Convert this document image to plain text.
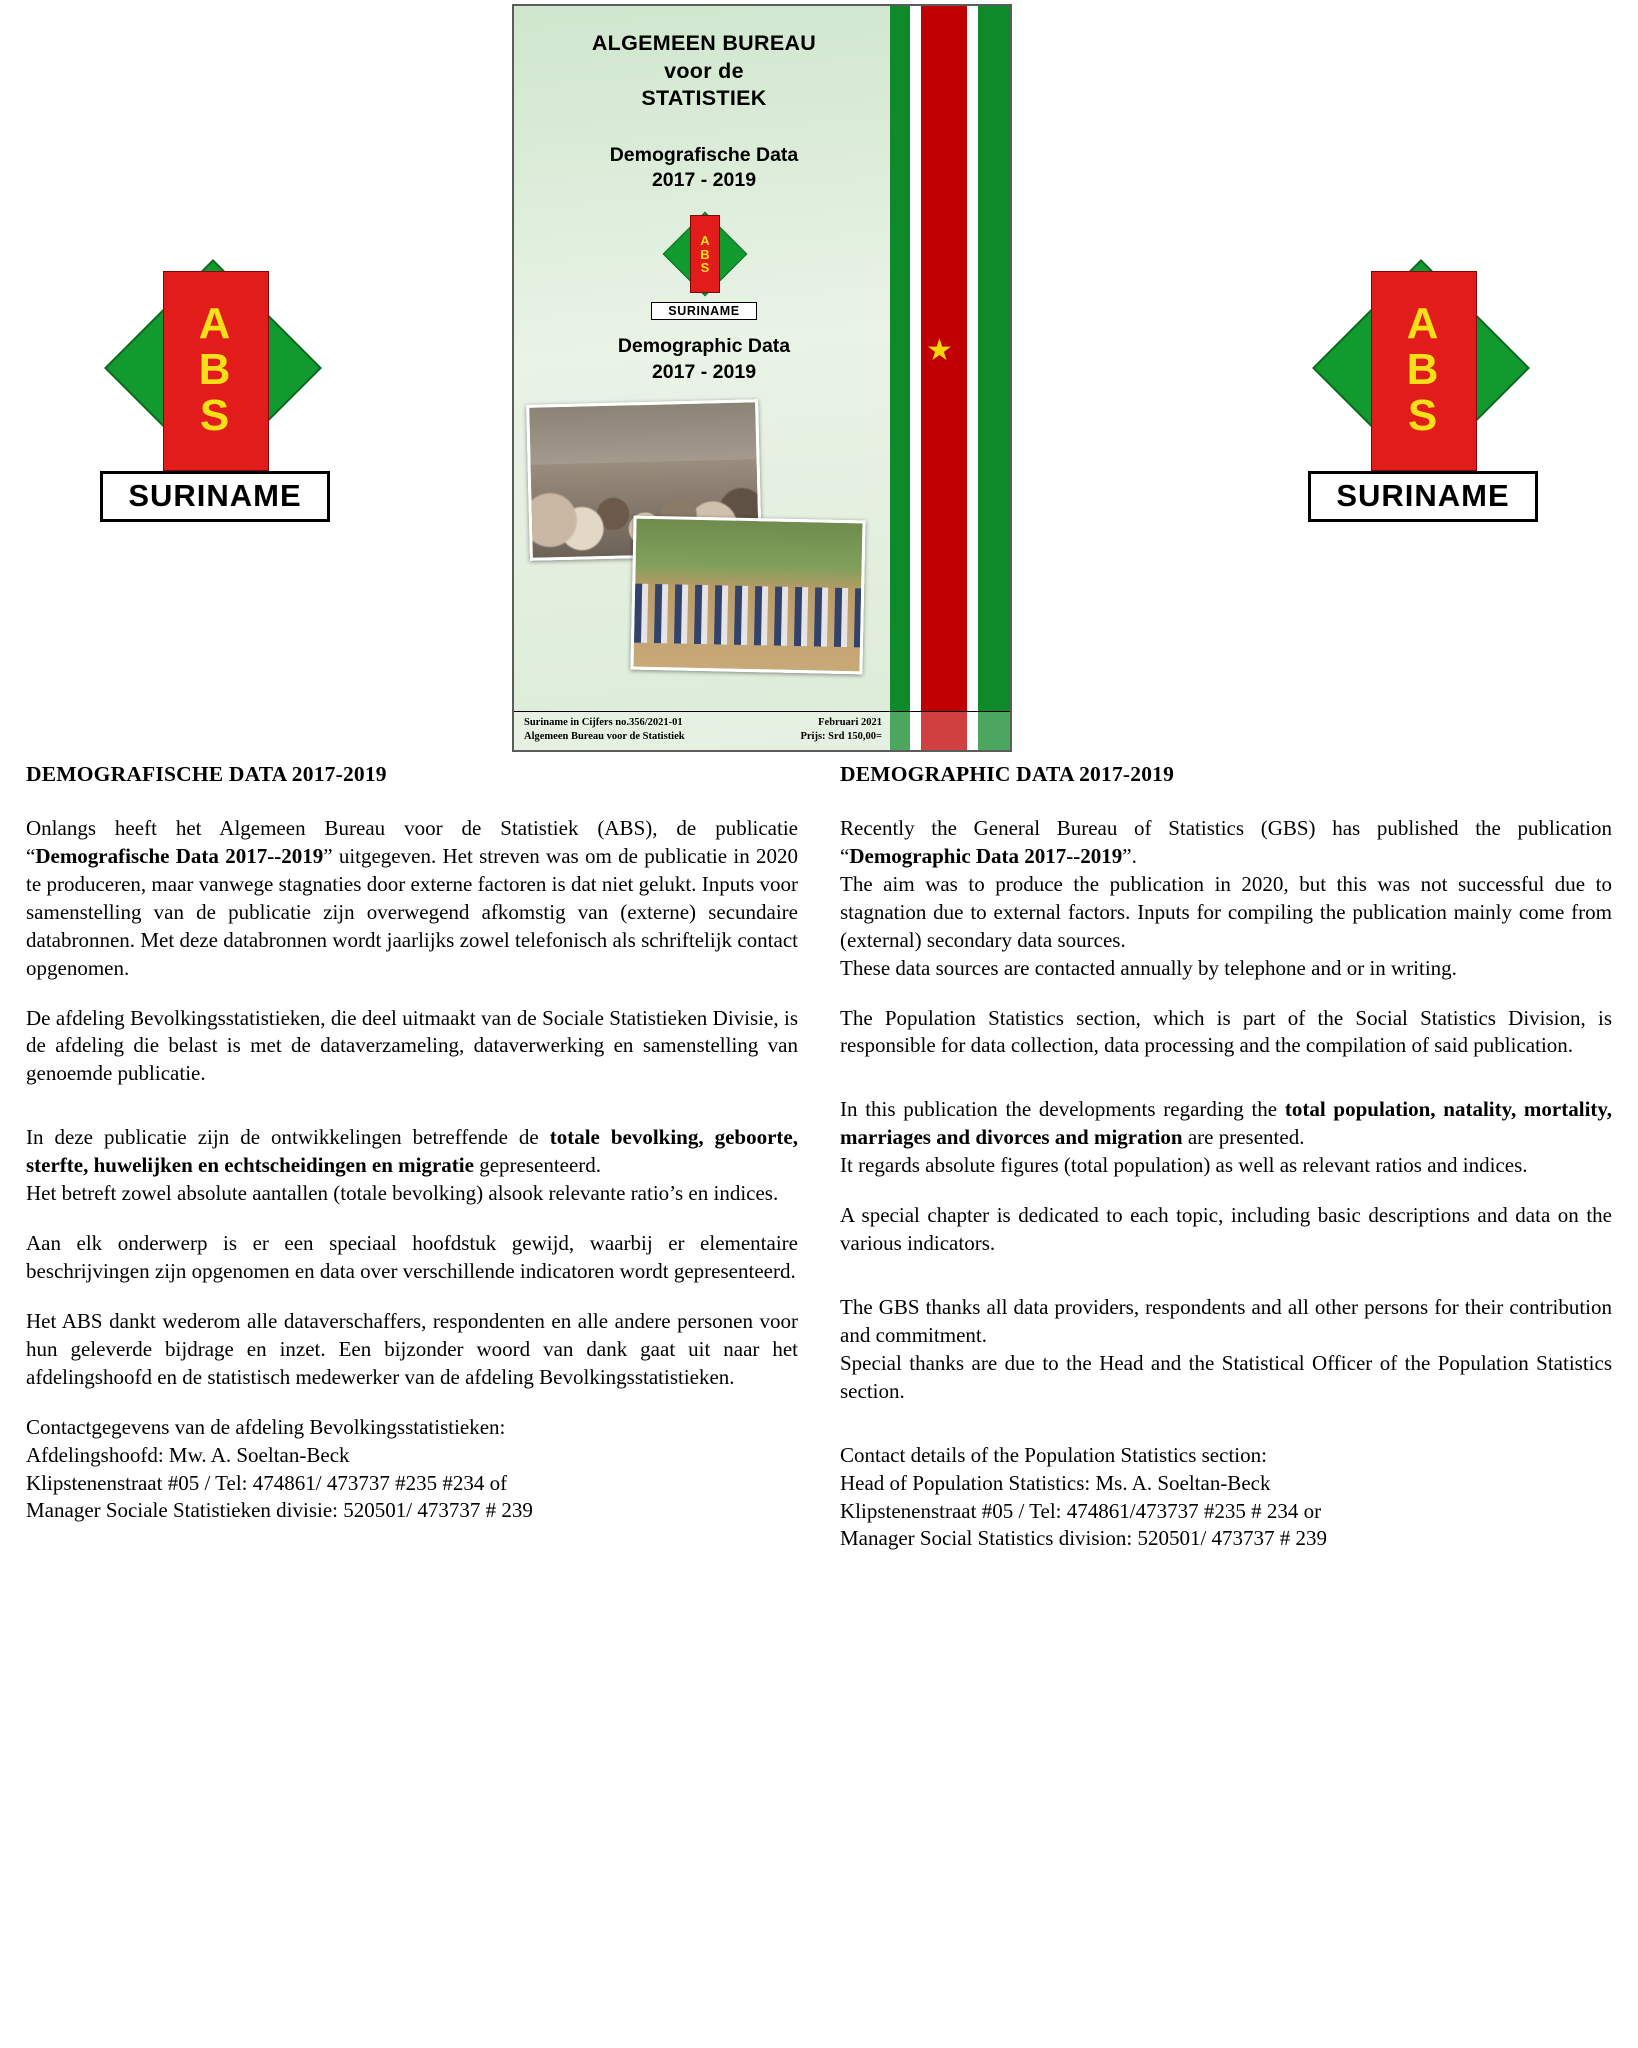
A
B
S
SURINAME
A
B
S
SURINAME
★
ALGEMEEN BUREAU
voor de
STATISTIEK
Demografische Data
2017 - 2019
A
B
S
SURINAME
Demographic Data
2017 - 2019
Suriname in Cijfers no.356/2021-01
Algemeen Bureau voor de Statistiek
Februari 2021
Prijs: Srd 150,00=
DEMOGRAFISCHE DATA 2017-2019

Onlangs heeft het Algemeen Bureau voor de Statistiek (ABS), de publicatie “Demografische Data 2017--2019” uitgegeven. Het streven was om de publicatie in 2020 te produceren, maar vanwege stagnaties door externe factoren is dat niet gelukt. Inputs voor samenstelling van de publicatie zijn overwegend afkomstig van (externe) secundaire databronnen. Met deze databronnen wordt jaarlijks zowel telefonisch als schriftelijk contact opgenomen.

De afdeling Bevolkingsstatistieken, die deel uitmaakt van de Sociale Statistieken Divisie, is de afdeling die belast is met de dataverzameling, dataverwerking en samenstelling van genoemde publicatie.

In deze publicatie zijn de ontwikkelingen betreffende de totale bevolking, geboorte, sterfte, huwelijken en echtscheidingen en migratie gepresenteerd.

Het betreft zowel absolute aantallen (totale bevolking) alsook relevante ratio’s en indices.

Aan elk onderwerp is er een speciaal hoofdstuk gewijd, waarbij er elementaire beschrijvingen zijn opgenomen en data over verschillende indicatoren wordt gepresenteerd.

Het ABS dankt wederom alle dataverschaffers, respondenten en alle andere personen voor hun geleverde bijdrage en inzet. Een bijzonder woord van dank gaat uit naar het afdelingshoofd en de statistisch medewerker van de afdeling Bevolkingsstatistieken.

Contactgegevens van de afdeling Bevolkingsstatistieken:

Afdelingshoofd: Mw. A. Soeltan-Beck

Klipstenenstraat #05 / Tel: 474861/ 473737 #235 #234 of

Manager Sociale Statistieken divisie: 520501/ 473737 # 239

DEMOGRAPHIC DATA 2017-2019

Recently the General Bureau of Statistics (GBS) has published the publication “Demographic Data 2017--2019”.

The aim was to produce the publication in 2020, but this was not successful due to stagnation due to external factors. Inputs for compiling the publication mainly come from (external) secondary data sources.

These data sources are contacted annually by telephone and or in writing.

The Population Statistics section, which is part of the Social Statistics Division, is responsible for data collection, data processing and the compilation of said publication.

In this publication the developments regarding the total population, natality, mortality, marriages and divorces and migration are presented.

It regards absolute figures (total population) as well as relevant ratios and indices.

A special chapter is dedicated to each topic, including basic descriptions and data on the various indicators.

The GBS thanks all data providers, respondents and all other persons for their contribution and commitment.

Special thanks are due to the Head and the Statistical Officer of the Population Statistics section.

Contact details of the Population Statistics section:

Head of Population Statistics: Ms. A. Soeltan-Beck

Klipstenenstraat #05 / Tel: 474861/473737 #235 # 234 or

Manager Social Statistics division: 520501/ 473737 # 239
